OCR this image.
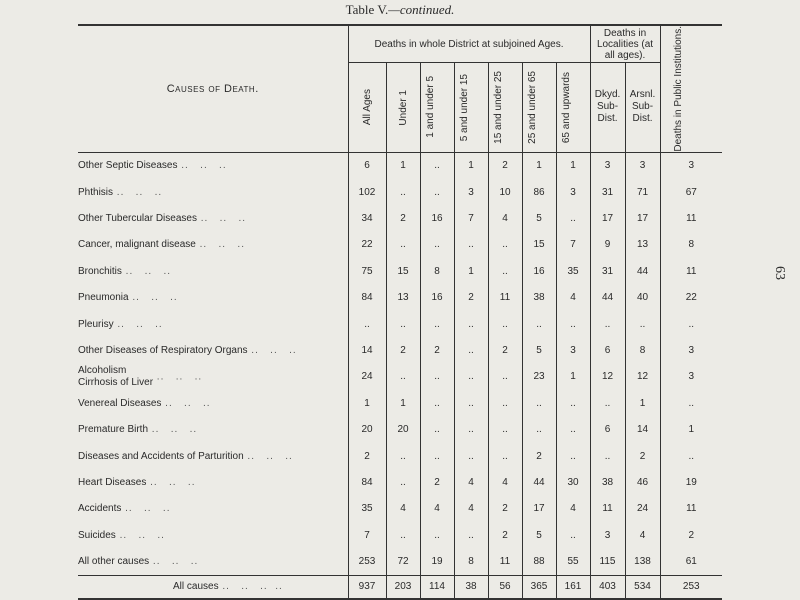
Table V.—continued.
63
Causes of Death.	Deaths in whole District at subjoined Ages.							Deaths in Localities (at all ages).		Deaths in Public Institutions.

	All Ages	Under 1	1 and under 5	5 and under 15	15 and under 25	25 and under 65	65 and upwards	Dkyd. Sub- Dist.	Arsnl. Sub- Dist.	

Other Septic Diseases ..   ..   ..	6	1	..	1	2	1	1	3	3	3
Phthisis ..   ..   ..	102	..	..	3	10	86	3	31	71	67
Other Tubercular Diseases ..   ..   ..	34	2	16	7	4	5	..	17	17	11
Cancer, malignant disease ..   ..   ..	22	..	..	..	..	15	7	9	13	8
Bronchitis ..   ..   ..	75	15	8	1	..	16	35	31	44	11
Pneumonia ..   ..   ..	84	13	16	2	11	38	4	44	40	22
Pleurisy ..   ..   ..	..	..	..	..	..	..	..	..	..	..
Other Diseases of Respiratory Organs ..   ..   ..	14	2	2	..	2	5	3	6	8	3

Alcoholism
Cirrhosis of Liver ..   ..   ..	24	..	..	..	..	23	1	12	12	3
Venereal Diseases ..   ..   ..	1	1	..	..	..	..	..	..	1	..
Premature Birth ..   ..   ..	20	20	..	..	..	..	..	6	14	1
Diseases and Accidents of Parturition ..   ..   ..	2	..	..	..	..	2	..	..	2	..
Heart Diseases ..   ..   ..	84	..	2	4	4	44	30	38	46	19
Accidents ..   ..   ..	35	4	4	4	2	17	4	11	24	11
Suicides ..   ..   ..	7	..	..	..	2	5	..	3	4	2
All other causes ..   ..   ..	253	72	19	8	11	88	55	115	138	61
All causes ..   ..   ..  ..	937	203	114	38	56	365	161	403	534	253
